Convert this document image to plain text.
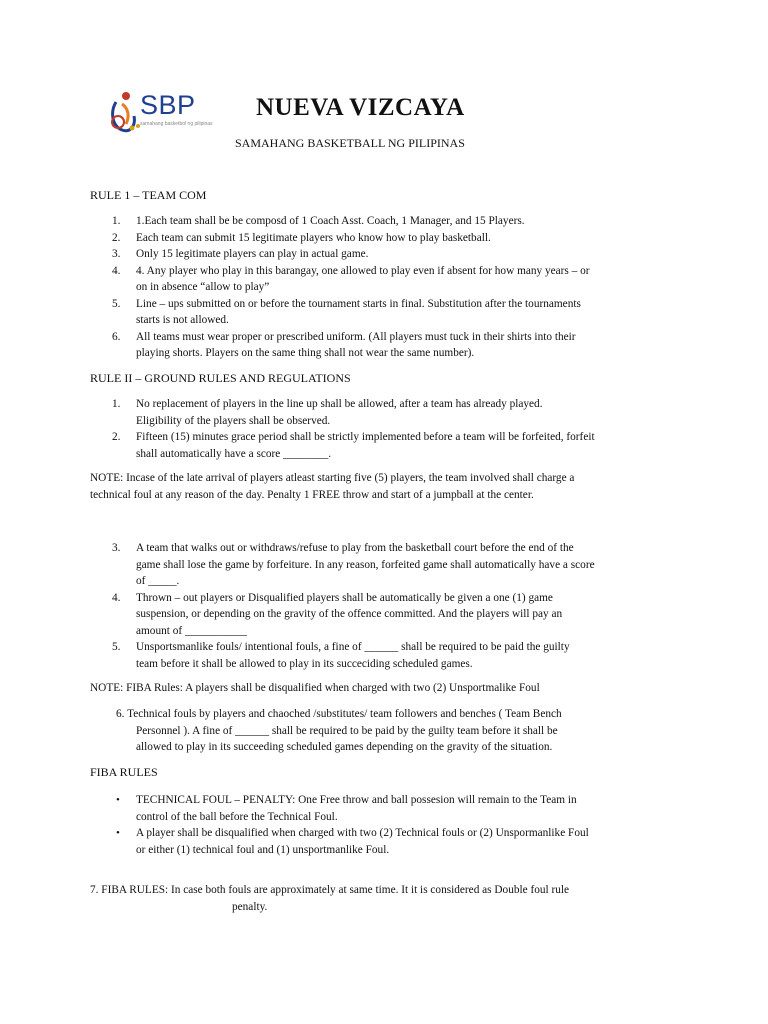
SBP
samahang basketbol ng pilipinas
NUEVA VIZCAYA
SAMAHANG BASKETBALL NG PILIPINAS
RULE 1 – TEAM COM
1. 1.Each team shall be be composd of 1 Coach Asst. Coach, 1 Manager, and 15 Players.
2. Each team can submit 15 legitimate players who know how to play basketball.
3. Only 15 legitimate players can play in actual game.
4. 4. Any player who play in this barangay, one allowed to play even if absent for how many years – or
on in absence “allow to play”
5. Line – ups submitted on or before the tournament starts in final. Substitution after the tournaments
starts is not allowed.
6. All teams must wear proper or prescribed uniform. (All players must tuck in their shirts into their
playing shorts. Players on the same thing shall not wear the same number).
RULE II – GROUND RULES AND REGULATIONS
1. No replacement of players in the line up shall be allowed, after a team has already played.
Eligibility of the players shall be observed.
2. Fifteen (15) minutes grace period shall be strictly implemented before a team will be forfeited, forfeit
shall automatically have a score ________.
NOTE: Incase of the late arrival of players atleast starting five (5) players, the team involved shall charge a
technical foul at any reason of the day. Penalty 1 FREE throw and start of a jumpball at the center.
3. A team that walks out or withdraws/refuse to play from the basketball court before the end of the
game shall lose the game by forfeiture. In any reason, forfeited game shall automatically have a score
of _____.
4. Thrown – out players or Disqualified players shall be automatically be given a one (1) game
suspension, or depending on the gravity of the offence committed. And the players will pay an
amount of ___________
5. Unsportsmanlike fouls/ intentional fouls, a fine of ______ shall be required to be paid the guilty
team before it shall be allowed to play in its succeciding scheduled games.
NOTE: FIBA Rules: A players shall be disqualified when charged with two (2) Unsportmalike Foul
6. Technical fouls by players and chaoched /substitutes/ team followers and benches ( Team Bench
Personnel ). A fine of ______ shall be required to be paid by the guilty team before it shall be
allowed to play in its succeeding scheduled games depending on the gravity of the situation.
FIBA RULES
• TECHNICAL FOUL – PENALTY: One Free throw and ball possesion will remain to the Team in
control of the ball before the Technical Foul.
• A player shall be disqualified when charged with two (2) Technical fouls or (2) Unspormanlike Foul
or either (1) technical foul and (1) unsportmanlike Foul.
7. FIBA RULES: In case both fouls are approximately at same time. It it is considered as Double foul rule
penalty.
